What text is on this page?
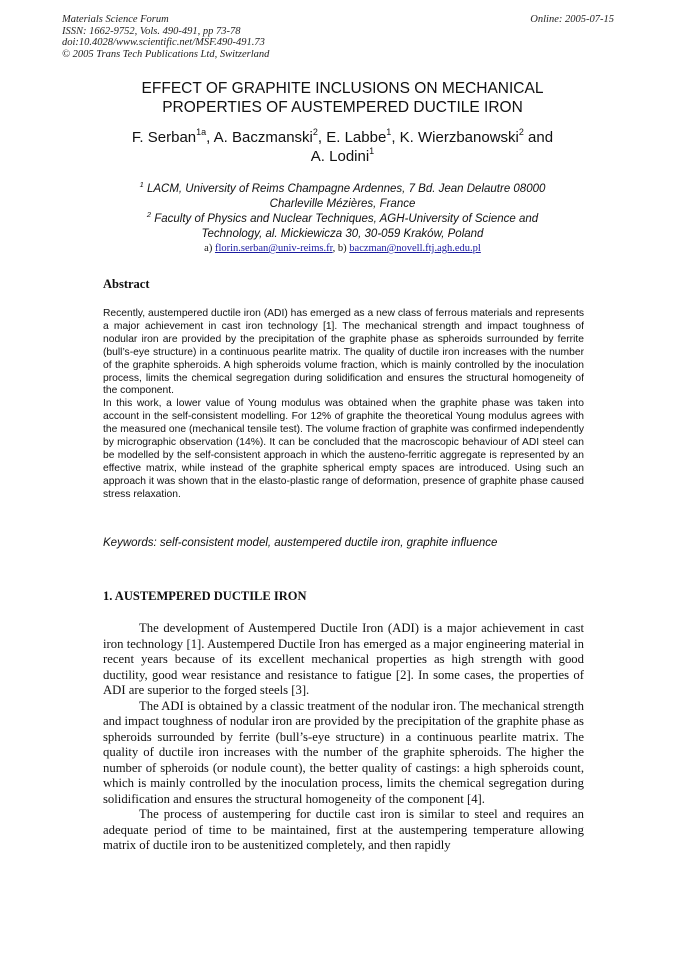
Materials Science Forum
ISSN: 1662-9752, Vols. 490-491, pp 73-78
doi:10.4028/www.scientific.net/MSF.490-491.73
© 2005 Trans Tech Publications Ltd, Switzerland
Online: 2005-07-15
EFFECT OF GRAPHITE INCLUSIONS ON MECHANICAL
PROPERTIES OF AUSTEMPERED DUCTILE IRON
F. Serban$^{1a}$, A. Baczmanski$^2$, E. Labbe$^1$, K. Wierzbanowski$^2$ and
A. Lodini$^1$
$^1$ LACM, University of Reims Champagne Ardennes, 7 Bd. Jean Delautre 08000
Charleville Mézières, France
$^2$ Faculty of Physics and Nuclear Techniques, AGH-University of Science and
Technology, al. Mickiewicza 30, 30-059 Kraków, Poland
a) florin.serban@univ-reims.fr, b) baczman@novell.ftj.agh.edu.pl
Abstract

Recently, austempered ductile iron (ADI) has emerged as a new class of ferrous materials and represents a major achievement in cast iron technology [1]. The mechanical strength and impact toughness of nodular iron are provided by the precipitation of the graphite phase as spheroids surrounded by ferrite (bull’s-eye structure) in a continuous pearlite matrix. The quality of ductile iron increases with the number of the graphite spheroids. A high spheroids volume fraction, which is mainly controlled by the inoculation process, limits the chemical segregation during solidification and ensures the structural homogeneity of the component.

In this work, a lower value of Young modulus was obtained when the graphite phase was taken into account in the self-consistent modelling. For 12% of graphite the theoretical Young modulus agrees with the measured one (mechanical tensile test). The volume fraction of graphite was confirmed independently by micrographic observation (14%). It can be concluded that the macroscopic behaviour of ADI steel can be modelled by the self-consistent approach in which the austeno-ferritic aggregate is represented by an effective matrix, while instead of the graphite spherical empty spaces are introduced. Using such an approach it was shown that in the elasto-plastic range of deformation, presence of graphite phase caused stress relaxation.

Keywords: self-consistent model, austempered ductile iron, graphite influence
1. AUSTEMPERED DUCTILE IRON

The development of Austempered Ductile Iron (ADI) is a major achievement in cast iron technology [1]. Austempered Ductile Iron has emerged as a major engineering material in recent years because of its excellent mechanical properties as high strength with good ductility, good wear resistance and resistance to fatigue [2]. In some cases, the properties of ADI are superior to the forged steels [3].

The ADI is obtained by a classic treatment of the nodular iron. The mechanical strength and impact toughness of nodular iron are provided by the precipitation of the graphite phase as spheroids surrounded by ferrite (bull’s-eye structure) in a continuous pearlite matrix. The quality of ductile iron increases with the number of the graphite spheroids. The higher the number of spheroids (or nodule count), the better quality of castings: a high spheroids count, which is mainly controlled by the inoculation process, limits the chemical segregation during solidification and ensures the structural homogeneity of the component [4].

The process of austempering for ductile cast iron is similar to steel and requires an adequate period of time to be maintained, first at the austempering temperature allowing matrix of ductile iron to be austenitized completely, and then rapidly
